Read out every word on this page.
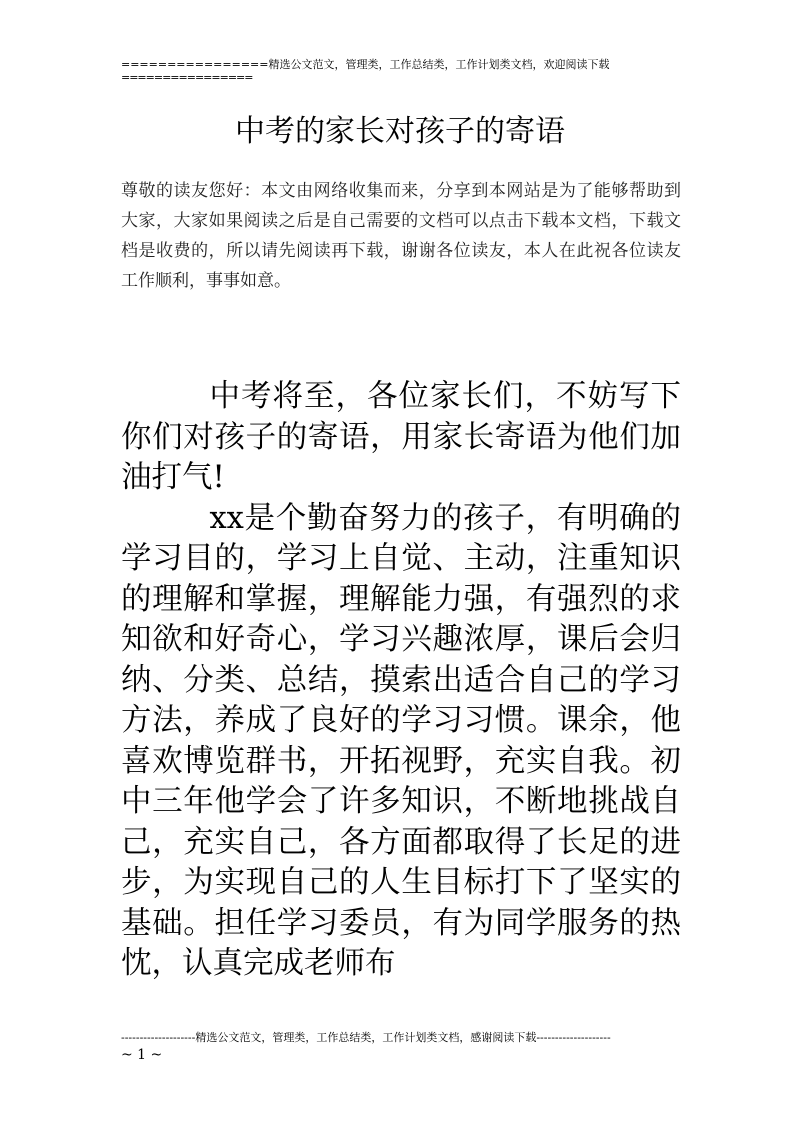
================精选公文范文，管理类，工作总结类，工作计划类文档，欢迎阅读下载
================
中考的家长对孩子的寄语
尊敬的读友您好：本文由网络收集而来，分享到本网站是为了能够帮助到大家，大家如果阅读之后是自己需要的文档可以点击下载本文档，下载文档是收费的，所以请先阅读再下载，谢谢各位读友，本人在此祝各位读友工作顺利，事事如意。

中考将至，各位家长们，不妨写下你们对孩子的寄语，用家长寄语为他们加油打气!

xx是个勤奋努力的孩子，有明确的学习目的，学习上自觉、主动，注重知识的理解和掌握，理解能力强，有强烈的求知欲和好奇心，学习兴趣浓厚，课后会归纳、分类、总结，摸索出适合自己的学习方法，养成了良好的学习习惯。课余，他喜欢博览群书，开拓视野，充实自我。初中三年他学会了许多知识，不断地挑战自己，充实自己，各方面都取得了长足的进步，为实现自己的人生目标打下了坚实的基础。担任学习委员，有为同学服务的热忱，认真完成老师布

--------------------精选公文范文，管理类，工作总结类，工作计划类文档，感谢阅读下载--------------------
~ 1 ~
